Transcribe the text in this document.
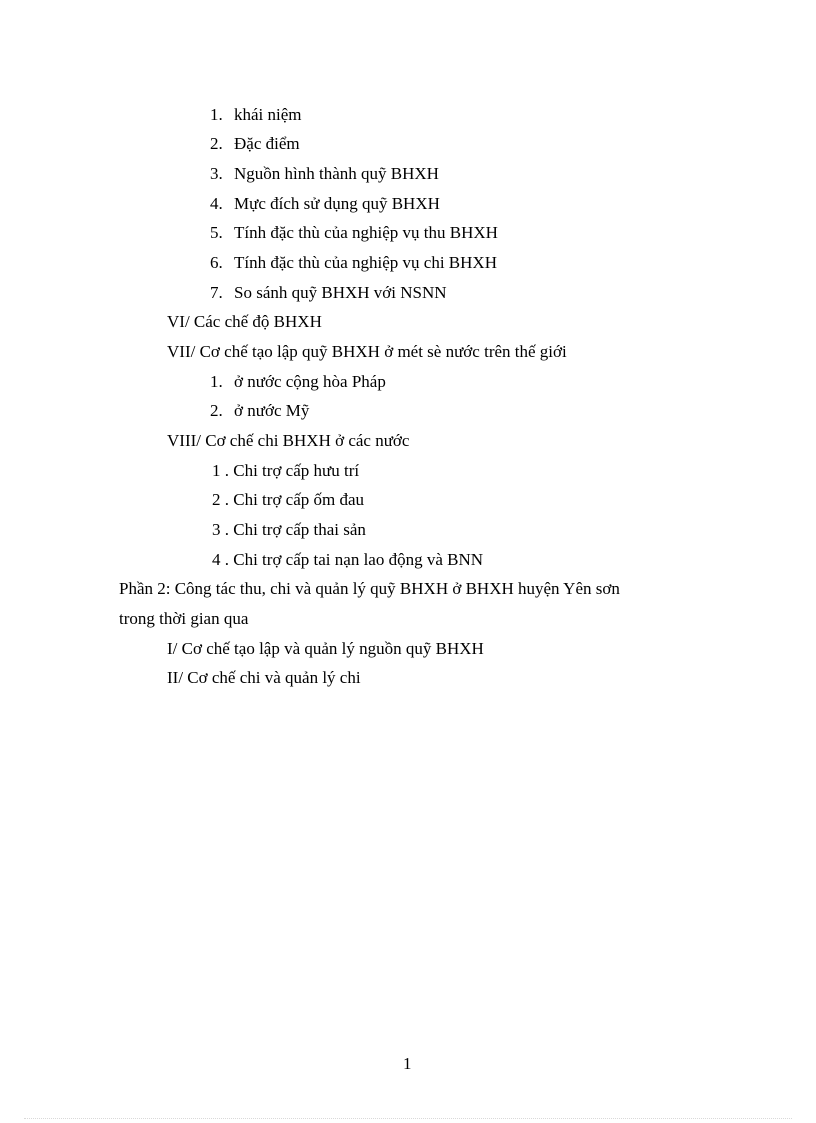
1. khái niệm
2. Đặc điểm
3. Nguồn hình thành quỹ BHXH
4. Mực đích sử dụng quỹ BHXH
5. Tính đặc thù của nghiệp vụ thu BHXH
6. Tính đặc thù của nghiệp vụ chi BHXH
7. So sánh quỹ BHXH với NSNN
VI/ Các chế độ BHXH
VII/ Cơ chế tạo lập quỹ BHXH ở mét sè nước trên thế giới
1. ở nước cộng hòa Pháp
2. ở nước Mỹ
VIII/ Cơ chế chi BHXH ở các nước
1 . Chi trợ cấp hưu trí
2 . Chi trợ cấp ốm đau
3 . Chi trợ cấp thai sản
4 . Chi trợ cấp tai nạn lao động và BNN
Phần 2: Công tác thu, chi và quản lý quỹ BHXH ở BHXH huyện Yên sơn
trong thời gian qua
I/ Cơ chế tạo lập và quản lý nguồn quỹ BHXH
II/ Cơ chế chi và quản lý chi
1
